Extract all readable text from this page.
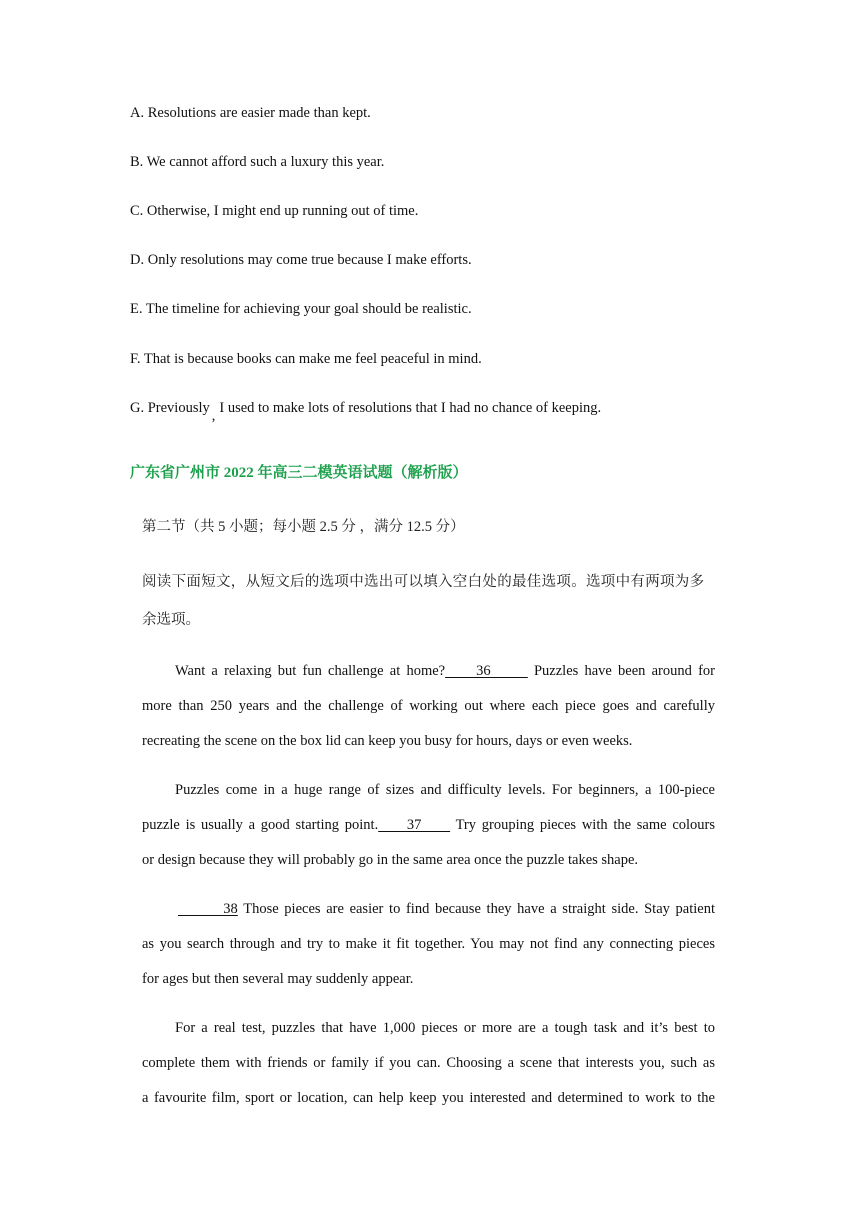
A. Resolutions are easier made than kept.
B. We cannot afford such a luxury this year.
C. Otherwise, I might end up running out of time.
D. Only resolutions may come true because I make efforts.
E. The timeline for achieving your goal should be realistic.
F. That is because books can make me feel peaceful in mind.
G. Previously , I used to make lots of resolutions that I had no chance of keeping.
广东省广州市 2022 年高三二模英语试题（解析版）
第二节（共 5 小题；每小题 2.5 分 ，满分 12.5 分）
阅读下面短文，从短文后的选项中选出可以填入空白处的最佳选项。选项中有两项为多
余选项。
Want a relaxing but fun challenge at home?     36       Puzzles have been around for
more than 250 years and the challenge of working out where each piece goes and carefully
recreating the scene on the box lid can keep you busy for hours, days or even weeks.
Puzzles come in a huge range of sizes and difficulty levels. For beginners, a 100-piece
puzzle is usually a good starting point.     37      Try grouping pieces with the same colours
or design because they will probably go in the same area once the puzzle takes shape.
38 Those pieces are easier to find because they have a straight side. Stay patient
as you search through and try to make it fit together. You may not find any connecting pieces
for ages but then several may suddenly appear.
For a real test, puzzles that have 1,000 pieces or more are a tough task and it’s best to
complete them with friends or family if you can. Choosing a scene that interests you, such as
a favourite film, sport or location, can help keep you interested and determined to work to the
